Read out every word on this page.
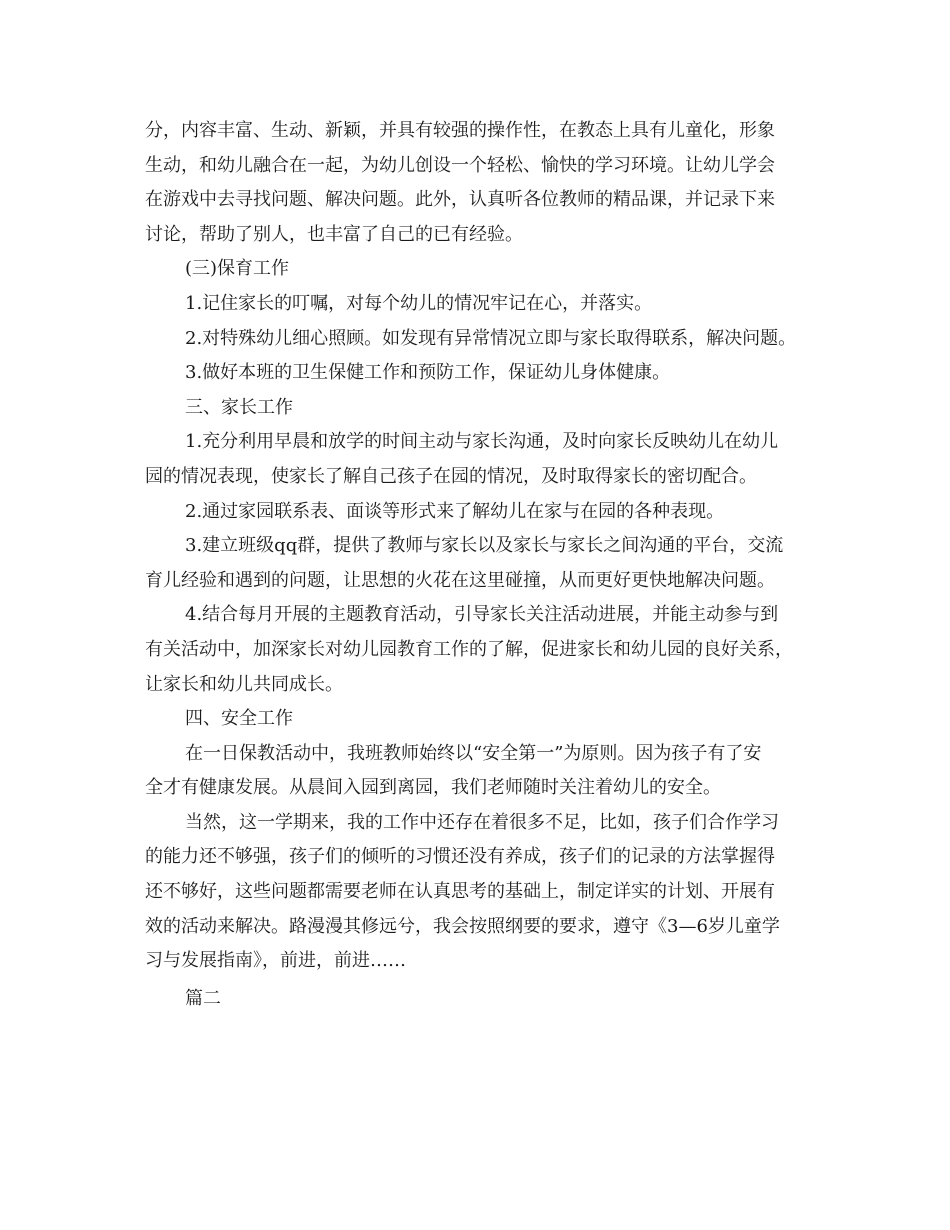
分，内容丰富、生动、新颖，并具有较强的操作性，在教态上具有儿童化，形象

生动，和幼儿融合在一起，为幼儿创设一个轻松、愉快的学习环境。让幼儿学会

在游戏中去寻找问题、解决问题。此外，认真听各位教师的精品课，并记录下来

讨论，帮助了别人，也丰富了自己的已有经验。

(三)保育工作

1.记住家长的叮嘱，对每个幼儿的情况牢记在心，并落实。

2.对特殊幼儿细心照顾。如发现有异常情况立即与家长取得联系，解决问题。

3.做好本班的卫生保健工作和预防工作，保证幼儿身体健康。

三、家长工作

1.充分利用早晨和放学的时间主动与家长沟通，及时向家长反映幼儿在幼儿

园的情况表现，使家长了解自己孩子在园的情况，及时取得家长的密切配合。

2.通过家园联系表、面谈等形式来了解幼儿在家与在园的各种表现。

3.建立班级qq群，提供了教师与家长以及家长与家长之间沟通的平台，交流

育儿经验和遇到的问题，让思想的火花在这里碰撞，从而更好更快地解决问题。

4.结合每月开展的主题教育活动，引导家长关注活动进展，并能主动参与到

有关活动中，加深家长对幼儿园教育工作的了解，促进家长和幼儿园的良好关系，

让家长和幼儿共同成长。

四、安全工作

在一日保教活动中，我班教师始终以“安全第一”为原则。因为孩子有了安

全才有健康发展。从晨间入园到离园，我们老师随时关注着幼儿的安全。

当然，这一学期来，我的工作中还存在着很多不足，比如，孩子们合作学习

的能力还不够强，孩子们的倾听的习惯还没有养成，孩子们的记录的方法掌握得

还不够好，这些问题都需要老师在认真思考的基础上，制定详实的计划、开展有

效的活动来解决。路漫漫其修远兮，我会按照纲要的要求，遵守《3—6岁儿童学

习与发展指南》，前进，前进……

篇二
